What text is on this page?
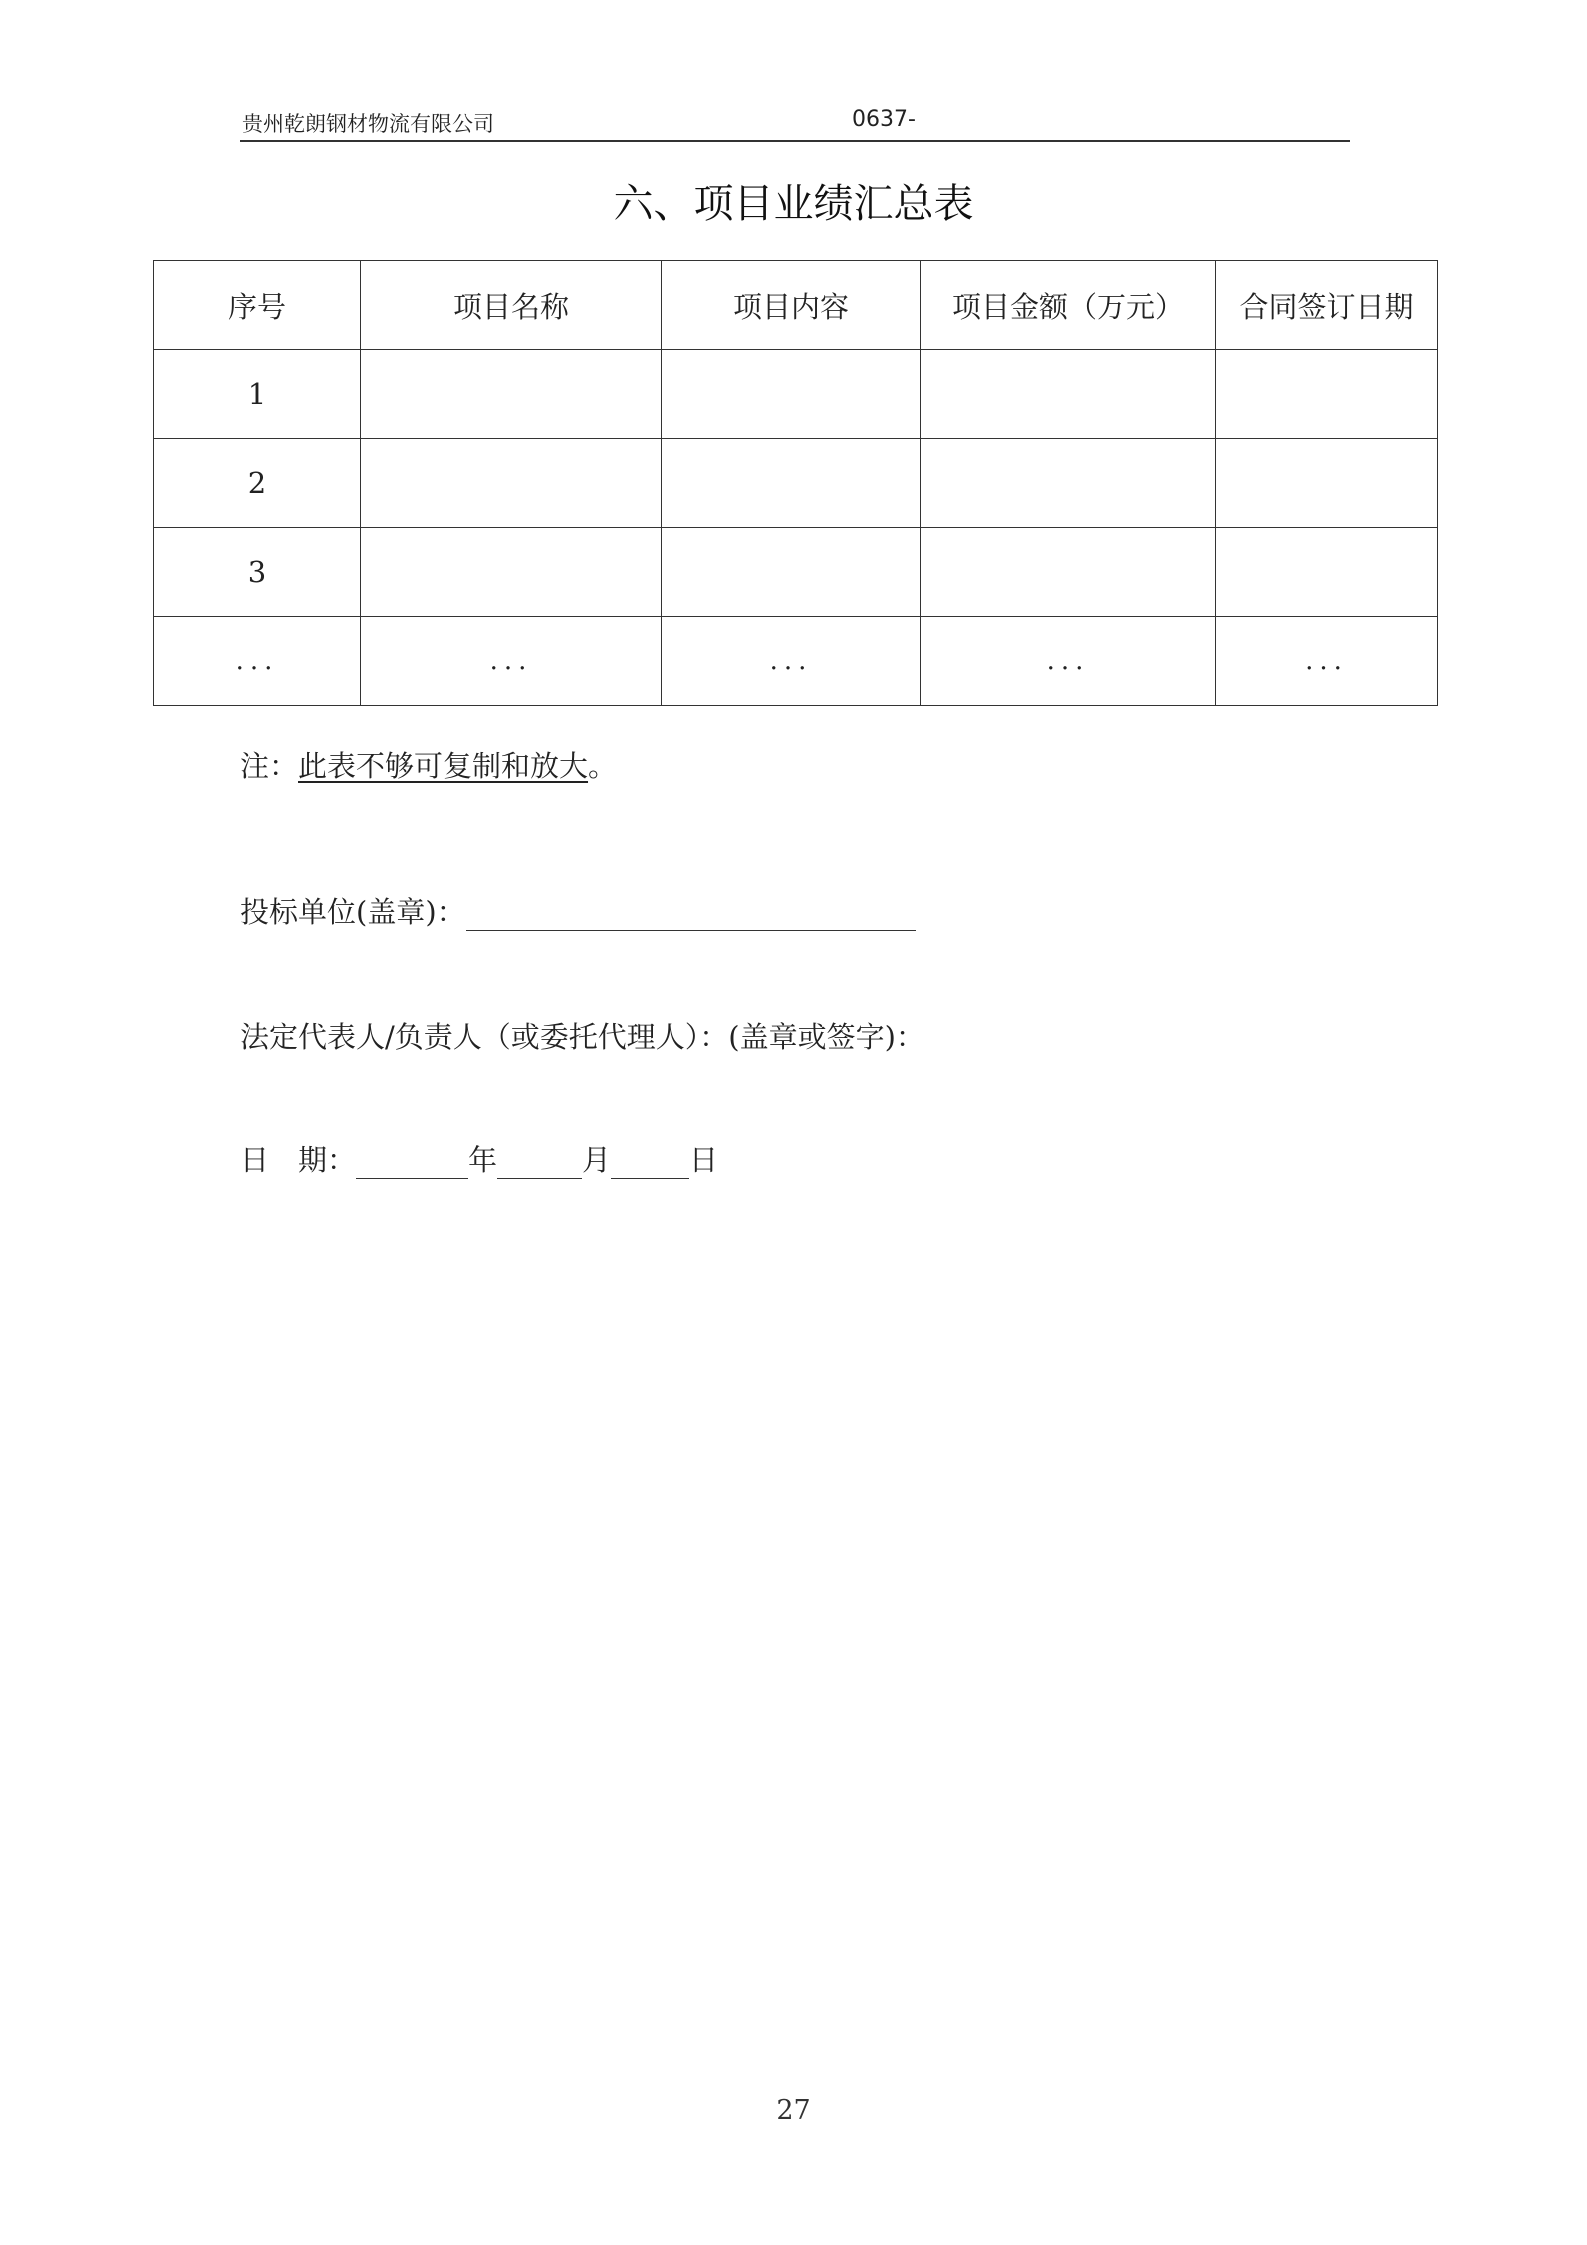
贵州乾朗钢材物流有限公司	0637-
六、项目业绩汇总表
序号	项目名称	项目内容	项目金额（万元）	合同签订日期
1				
2				
3				
...	...	...	...	...
注：此表不够可复制和放大。
投标单位(盖章)：
法定代表人/负责人（或委托代理人）：(盖章或签字)：
日　期：	年	月	日
27
